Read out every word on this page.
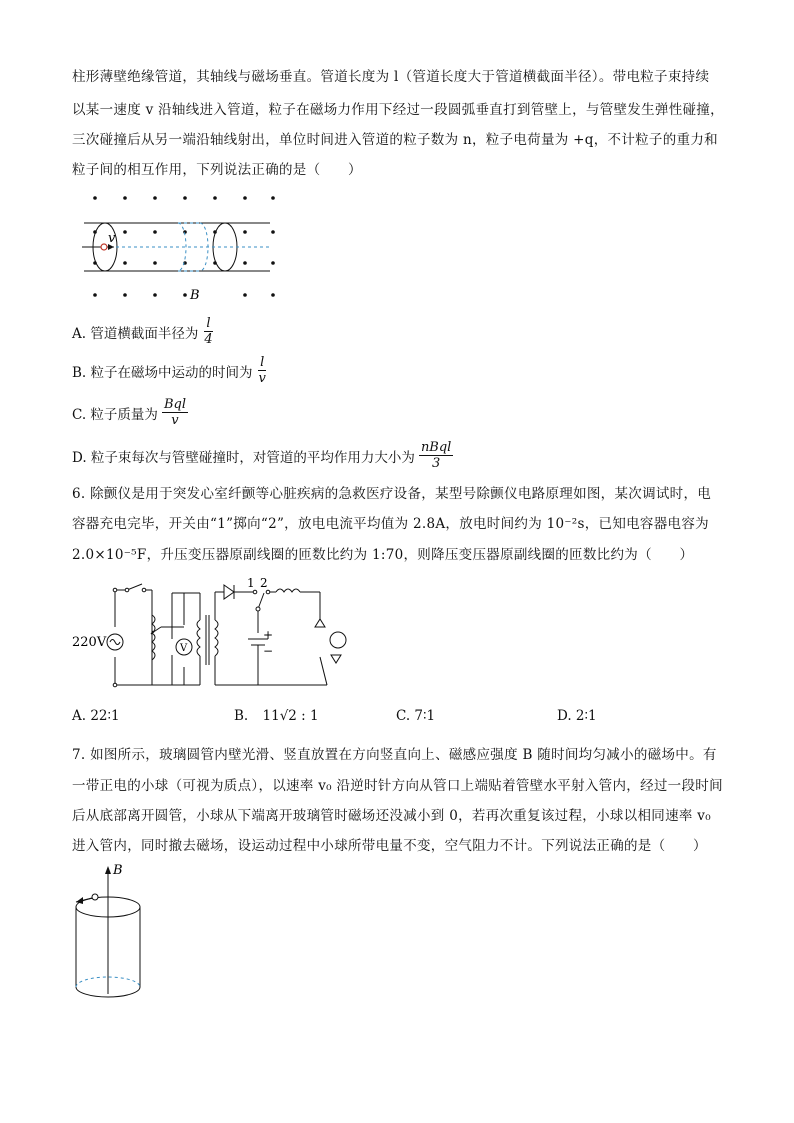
柱形薄壁绝缘管道，其轴线与磁场垂直。管道长度为 l（管道长度大于管道横截面半径）。带电粒子束持续
以某一速度 v 沿轴线进入管道，粒子在磁场力作用下经过一段圆弧垂直打到管壁上，与管壁发生弹性碰撞，
三次碰撞后从另一端沿轴线射出，单位时间进入管道的粒子数为 n，粒子电荷量为 +q，不计粒子的重力和
粒子间的相互作用，下列说法正确的是（　　）
v
B
A. 管道横截面半径为 $\frac{l}{4}$
B. 粒子在磁场中运动的时间为 $\frac{l}{v}$
C. 粒子质量为 $\frac{\text{Bql}}{v}$
D. 粒子束每次与管壁碰撞时，对管道的平均作用力大小为 $\frac{\text{nBql}}{3}$
6. 除颤仪是用于突发心室纤颤等心脏疾病的急救医疗设备，某型号除颤仪电路原理如图，某次调试时，电
容器充电完毕，开关由“1”掷向“2”，放电电流平均值为 2.8A，放电时间约为 10⁻²s，已知电容器电容为
2.0×10⁻⁵F，升压变压器原副线圈的匝数比约为 1:70，则降压变压器原副线圈的匝数比约为（　　）
220V	V
1 2
+
−
A. 22∶1	B. 11√2 : 1	C. 7∶1	D. 2∶1
7. 如图所示，玻璃圆管内壁光滑、竖直放置在方向竖直向上、磁感应强度 B 随时间均匀减小的磁场中。有
一带正电的小球（可视为质点），以速率 v₀ 沿逆时针方向从管口上端贴着管壁水平射入管内，经过一段时间
后从底部离开圆管，小球从下端离开玻璃管时磁场还没减小到 0，若再次重复该过程，小球以相同速率 v₀
进入管内，同时撤去磁场，设运动过程中小球所带电量不变，空气阻力不计。下列说法正确的是（　　）
B
